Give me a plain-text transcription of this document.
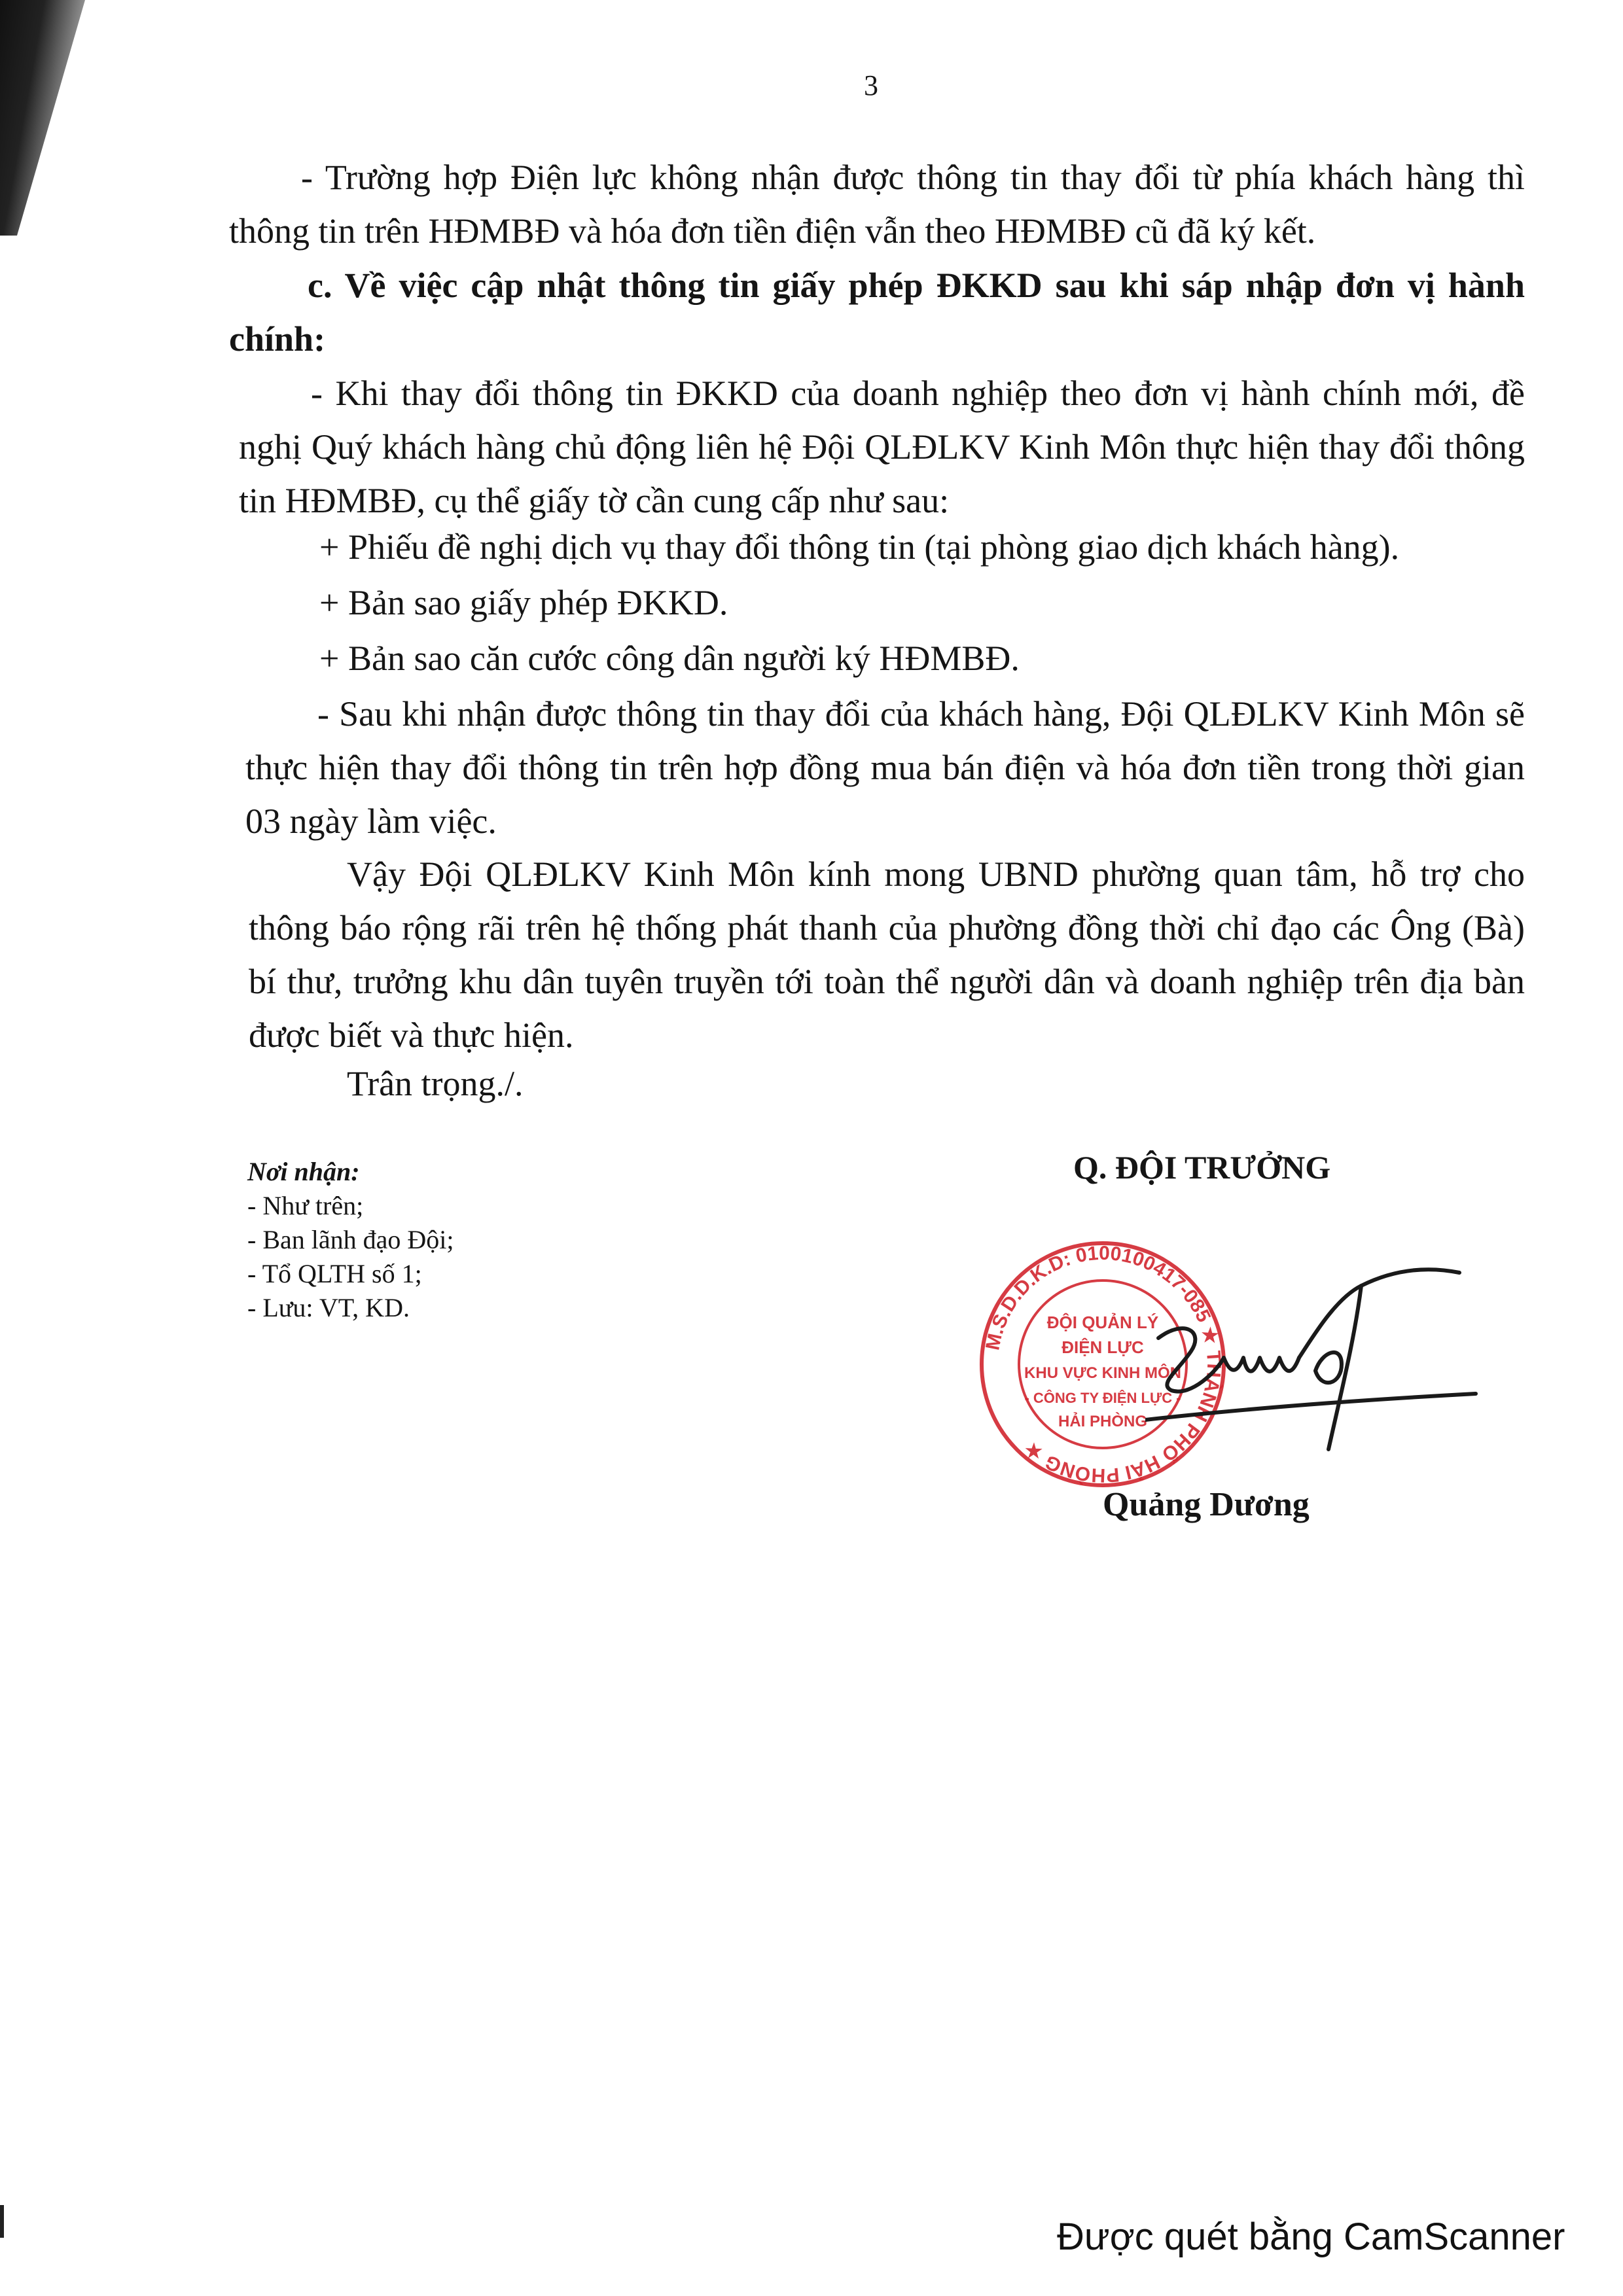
3
- Trường hợp Điện lực không nhận được thông tin thay đổi từ phía khách hàng thì thông tin trên HĐMBĐ và hóa đơn tiền điện vẫn theo HĐMBĐ cũ đã ký kết.
c. Về việc cập nhật thông tin giấy phép ĐKKD sau khi sáp nhập đơn vị hành chính:
- Khi thay đổi thông tin ĐKKD của doanh nghiệp theo đơn vị hành chính mới, đề nghị Quý khách hàng chủ động liên hệ Đội QLĐLKV Kinh Môn thực hiện thay đổi thông tin HĐMBĐ, cụ thể giấy tờ cần cung cấp như sau:
+ Phiếu đề nghị dịch vụ thay đổi thông tin (tại phòng giao dịch khách hàng).
+ Bản sao giấy phép ĐKKD.
+ Bản sao căn cước công dân người ký HĐMBĐ.
- Sau khi nhận được thông tin thay đổi của khách hàng, Đội QLĐLKV Kinh Môn sẽ thực hiện thay đổi thông tin trên hợp đồng mua bán điện và hóa đơn tiền trong thời gian 03 ngày làm việc.
Vậy Đội QLĐLKV Kinh Môn kính mong UBND phường quan tâm, hỗ trợ cho thông báo rộng rãi trên hệ thống phát thanh của phường đồng thời chỉ đạo các Ông (Bà) bí thư, trưởng khu dân tuyên truyền tới toàn thể người dân và doanh nghiệp trên địa bàn được biết và thực hiện.
Trân trọng./.
Nơi nhận:
- Như trên;
- Ban lãnh đạo Đội;
- Tổ QLTH số 1;
- Lưu: VT, KD.
Q. ĐỘI TRƯỞNG
M.S.D.D.K.D: 0100100417-085 ★ THÀNH PHỐ HẢI PHÒNG ★
ĐỘI QUẢN LÝ
ĐIỆN LỰC
KHU VỰC KINH MÔN
- CÔNG TY ĐIỆN LỰC -
HẢI PHÒNG
Quảng Dương
Được quét bằng CamScanner
